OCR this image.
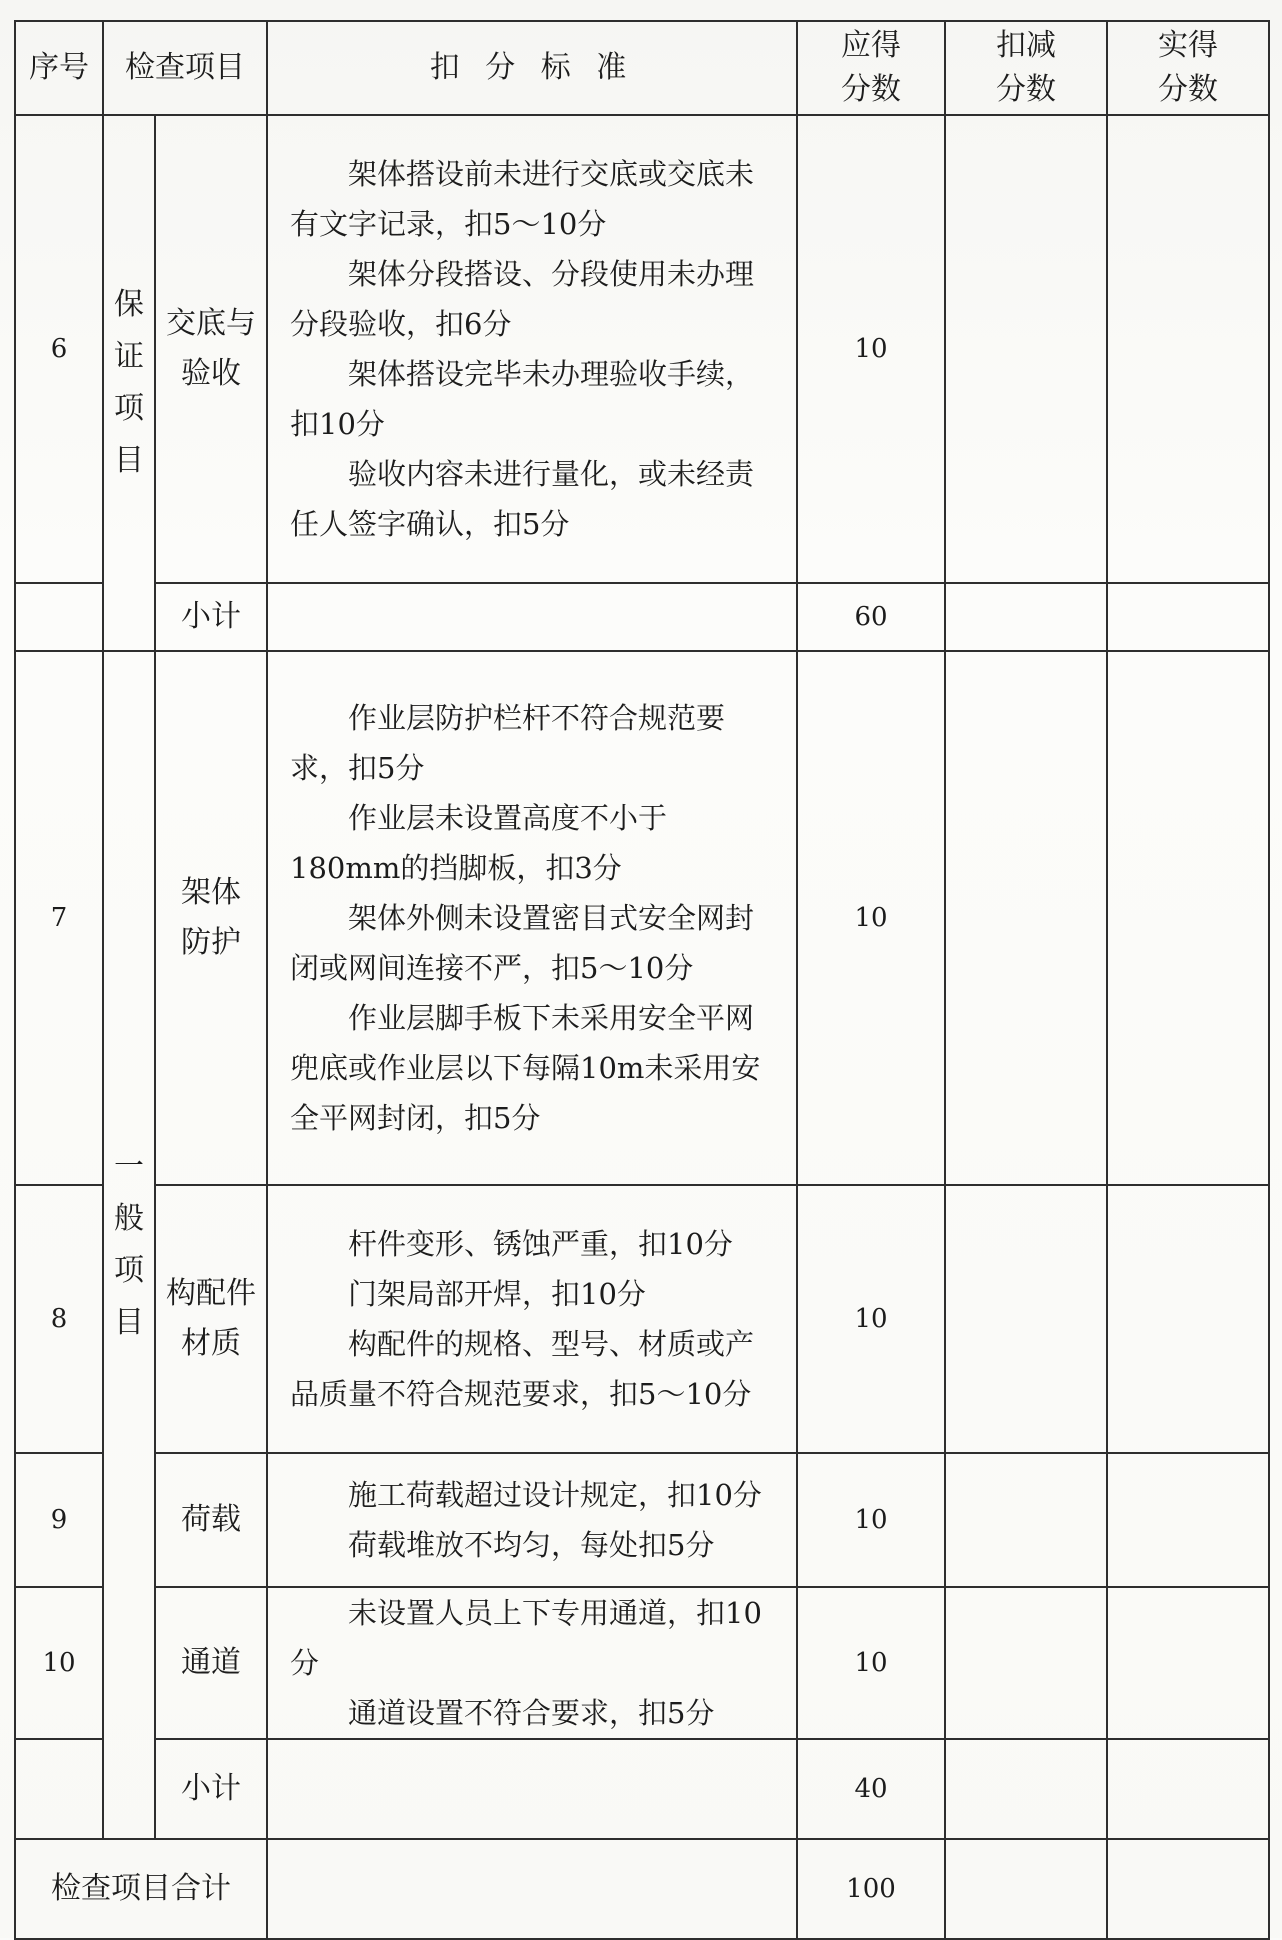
序号	检查项目		扣 分 标 准	应得分数	扣减分数	实得分数
6	保证项目	交底与验收	架体搭设前未进行交底或交底未有文字记录，扣5～10分
架体分段搭设、分段使用未办理分段验收，扣6分
架体搭设完毕未办理验收手续，扣10分
验收内容未进行量化，或未经责任人签字确认，扣5分	10		
		小计		60		
7	一般项目	架体防护	作业层防护栏杆不符合规范要求，扣5分
作业层未设置高度不小于180mm的挡脚板，扣3分
架体外侧未设置密目式安全网封闭或网间连接不严，扣5～10分
作业层脚手板下未采用安全平网兜底或作业层以下每隔10m未采用安全平网封闭，扣5分	10		
8		构配件材质	杆件变形、锈蚀严重，扣10分
门架局部开焊，扣10分
构配件的规格、型号、材质或产品质量不符合规范要求，扣5～10分	10		
9		荷载	施工荷载超过设计规定，扣10分
荷载堆放不均匀，每处扣5分	10		
10		通道	未设置人员上下专用通道，扣10分
通道设置不符合要求，扣5分	10		
		小计		40		
检查项目合计				100		
